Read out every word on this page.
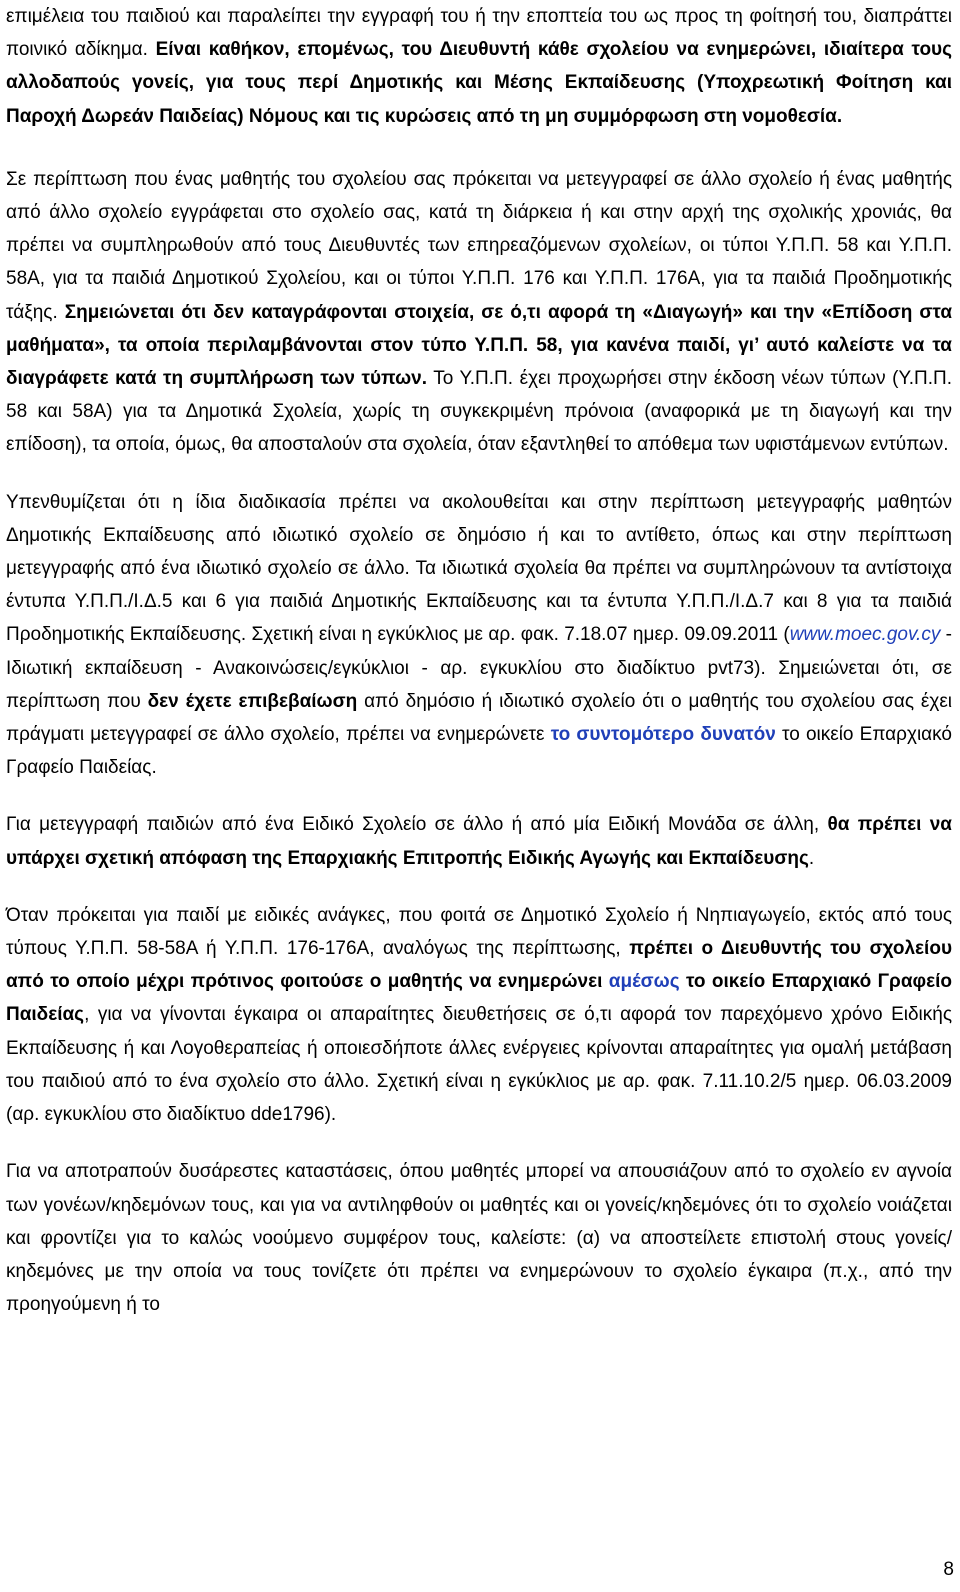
επιμέλεια του παιδιού και παραλείπει την εγγραφή του ή την εποπτεία του ως προς τη φοίτησή του, διαπράττει ποινικό αδίκημα. Είναι καθήκον, επομένως, του Διευθυντή κάθε σχολείου να ενημερώνει, ιδιαίτερα τους αλλοδαπούς γονείς, για τους περί Δημοτικής και Μέσης Εκπαίδευσης (Υποχρεωτική Φοίτηση και Παροχή Δωρεάν Παιδείας) Νόμους και τις κυρώσεις από τη μη συμμόρφωση στη νομοθεσία.

Σε περίπτωση που ένας μαθητής του σχολείου σας πρόκειται να μετεγγραφεί σε άλλο σχολείο ή ένας μαθητής από άλλο σχολείο εγγράφεται στο σχολείο σας, κατά τη διάρκεια ή και στην αρχή της σχολικής χρονιάς, θα πρέπει να συμπληρωθούν από τους Διευθυντές των επηρεαζόμενων σχολείων, οι τύποι Υ.Π.Π. 58 και Υ.Π.Π. 58Α, για τα παιδιά Δημοτικού Σχολείου, και οι τύποι Υ.Π.Π. 176 και Υ.Π.Π. 176Α, για τα παιδιά Προδημοτικής τάξης. Σημειώνεται ότι δεν καταγράφονται στοιχεία, σε ό,τι αφορά τη «Διαγωγή» και την «Επίδοση στα μαθήματα», τα οποία περιλαμβάνονται στον τύπο Υ.Π.Π. 58, για κανένα παιδί, γι’ αυτό καλείστε να τα διαγράφετε κατά τη συμπλήρωση των τύπων. Το Υ.Π.Π. έχει προχωρήσει στην έκδοση νέων τύπων (Υ.Π.Π. 58 και 58Α) για τα Δημοτικά Σχολεία, χωρίς τη συγκεκριμένη πρόνοια (αναφορικά με τη διαγωγή και την επίδοση), τα οποία, όμως, θα αποσταλούν στα σχολεία, όταν εξαντληθεί το απόθεμα των υφιστάμενων εντύπων.

Υπενθυμίζεται ότι η ίδια διαδικασία πρέπει να ακολουθείται και στην περίπτωση μετεγγραφής μαθητών Δημοτικής Εκπαίδευσης από ιδιωτικό σχολείο σε δημόσιο ή και το αντίθετο, όπως και στην περίπτωση μετεγγραφής από ένα ιδιωτικό σχολείο σε άλλο. Τα ιδιωτικά σχολεία θα πρέπει να συμπληρώνουν τα αντίστοιχα έντυπα Υ.Π.Π./Ι.Δ.5 και 6 για παιδιά Δημοτικής Εκπαίδευσης και τα έντυπα Υ.Π.Π./Ι.Δ.7 και 8 για τα παιδιά Προδημοτικής Εκπαίδευσης. Σχετική είναι η εγκύκλιος με αρ. φακ. 7.18.07 ημερ. 09.09.2011 (www.moec.gov.cy - Ιδιωτική εκπαίδευση - Ανακοινώσεις/εγκύκλιοι - αρ. εγκυκλίου στο διαδίκτυο pvt73). Σημειώνεται ότι, σε περίπτωση που δεν έχετε επιβεβαίωση από δημόσιο ή ιδιωτικό σχολείο ότι ο μαθητής του σχολείου σας έχει πράγματι μετεγγραφεί σε άλλο σχολείο, πρέπει να ενημερώνετε το συντομότερο δυνατόν το οικείο Επαρχιακό Γραφείο Παιδείας.

Για μετεγγραφή παιδιών από ένα Ειδικό Σχολείο σε άλλο ή από μία Ειδική Μονάδα σε άλλη, θα πρέπει να υπάρχει σχετική απόφαση της Επαρχιακής Επιτροπής Ειδικής Αγωγής και Εκπαίδευσης.

Όταν πρόκειται για παιδί με ειδικές ανάγκες, που φοιτά σε Δημοτικό Σχολείο ή Νηπιαγωγείο, εκτός από τους τύπους Υ.Π.Π. 58-58Α ή Υ.Π.Π. 176-176Α, αναλόγως της περίπτωσης, πρέπει ο Διευθυντής του σχολείου από το οποίο μέχρι πρότινος φοιτούσε ο μαθητής να ενημερώνει αμέσως το οικείο Επαρχιακό Γραφείο Παιδείας, για να γίνονται έγκαιρα οι απαραίτητες διευθετήσεις σε ό,τι αφορά τον παρεχόμενο χρόνο Ειδικής Εκπαίδευσης ή και Λογοθεραπείας ή οποιεσδήποτε άλλες ενέργειες κρίνονται απαραίτητες για ομαλή μετάβαση του παιδιού από το ένα σχολείο στο άλλο. Σχετική είναι η εγκύκλιος με αρ. φακ. 7.11.10.2/5 ημερ. 06.03.2009 (αρ. εγκυκλίου στο διαδίκτυο dde1796).

Για να αποτραπούν δυσάρεστες καταστάσεις, όπου μαθητές μπορεί να απουσιάζουν από το σχολείο εν αγνοία των γονέων/κηδεμόνων τους, και για να αντιληφθούν οι μαθητές και οι γονείς/κηδεμόνες ότι το σχολείο νοιάζεται και φροντίζει για το καλώς νοούμενο συμφέρον τους, καλείστε: (α) να αποστείλετε επιστολή στους γονείς/κηδεμόνες με την οποία να τους τονίζετε ότι πρέπει να ενημερώνουν το σχολείο έγκαιρα (π.χ., από την προηγούμενη ή το

8
